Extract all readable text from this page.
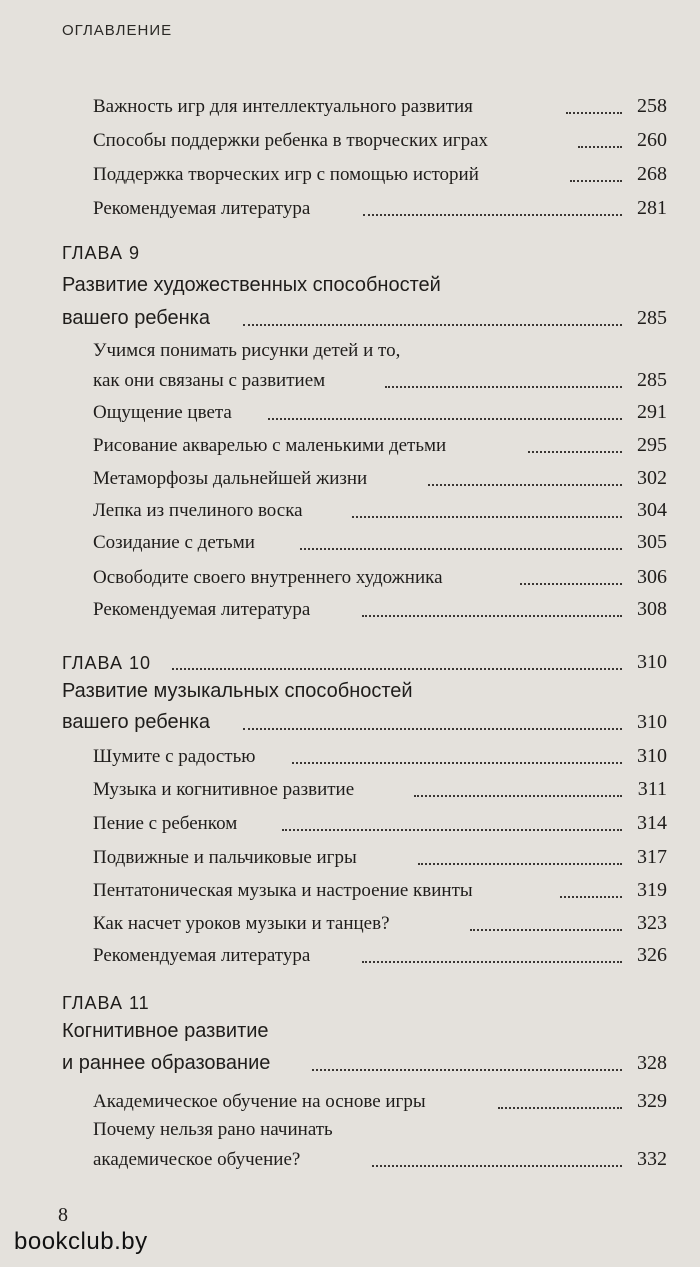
ОГЛАВЛЕНИЕ
Важность игр для интеллектуального развития	258
Способы поддержки ребенка в творческих играх	260
Поддержка творческих игр с помощью историй	268
Рекомендуемая литература	281
ГЛАВА 9
Развитие художественных способностей
вашего ребенка	285
Учимся понимать рисунки детей и то,
как они связаны с развитием	285
Ощущение цвета	291
Рисование акварелью с маленькими детьми	295
Метаморфозы дальнейшей жизни	302
Лепка из пчелиного воска	304
Созидание с детьми	305
Освободите своего внутреннего художника	306
Рекомендуемая литература	308
ГЛАВА 10	310
Развитие музыкальных способностей
вашего ребенка	310
Шумите с радостью	310
Музыка и когнитивное развитие	311
Пение с ребенком	314
Подвижные и пальчиковые игры	317
Пентатоническая музыка и настроение квинты	319
Как насчет уроков музыки и танцев?	323
Рекомендуемая литература	326
ГЛАВА 11
Когнитивное развитие
и раннее образование	328
Академическое обучение на основе игры	329
Почему нельзя рано начинать
академическое обучение?	332
8
bookclub.by
